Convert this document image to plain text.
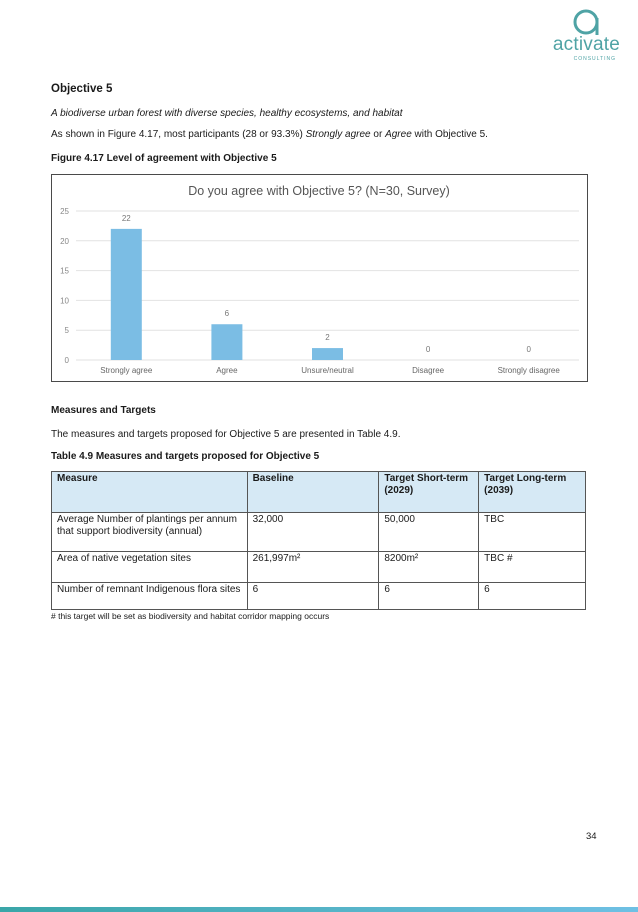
activate
CONSULTING
Objective 5
A biodiverse urban forest with diverse species, healthy ecosystems, and habitat
As shown in Figure 4.17, most participants (28 or 93.3%) Strongly agree or Agree with Objective 5.
Figure 4.17 Level of agreement with Objective 5
Do you agree with Objective 5? (N=30, Survey)
0
5
10
15
20
25
22
Strongly agree
6
Agree
2
Unsure/neutral
0
Disagree
0
Strongly disagree
Measures and Targets
The measures and targets proposed for Objective 5 are presented in Table 4.9.
Table 4.9 Measures and targets proposed for Objective 5
Measure	Baseline	Target Short-term (2029)	Target Long-term (2039)
Average Number of plantings per annum that support biodiversity (annual)	32,000	50,000	TBC
Area of native vegetation sites	261,997m²	8200m²	TBC #
Number of remnant Indigenous flora sites	6	6	6
# this target will be set as biodiversity and habitat corridor mapping occurs
34
